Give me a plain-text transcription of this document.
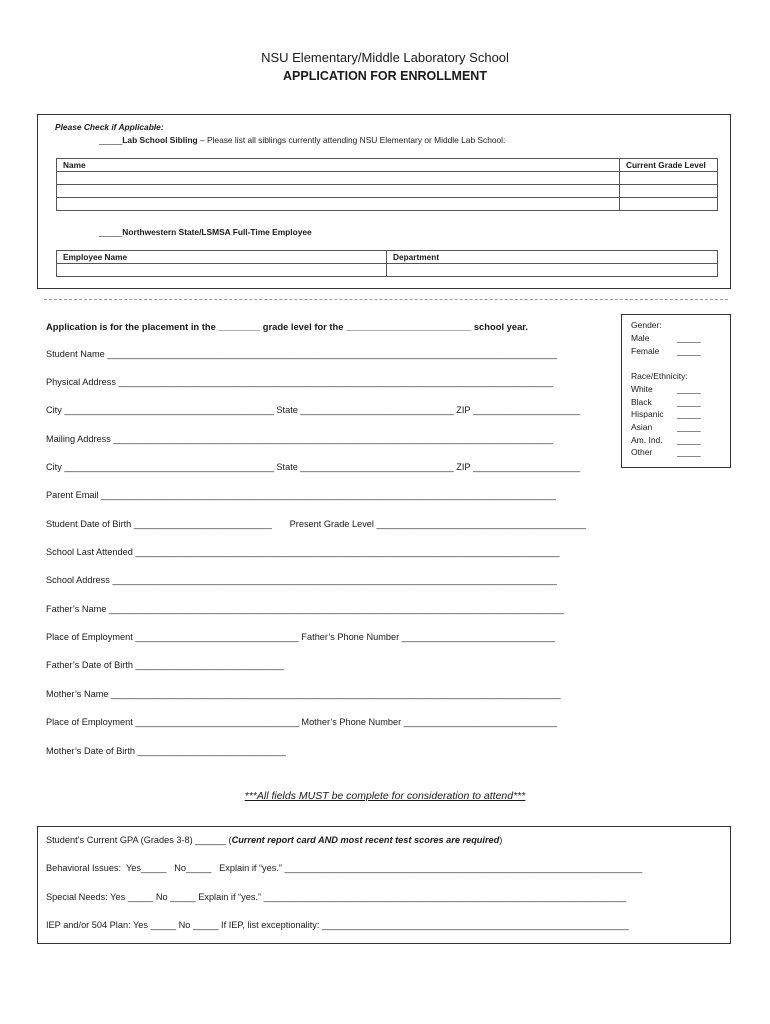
NSU Elementary/Middle Laboratory School
APPLICATION FOR ENROLLMENT
Please Check if Applicable:
_____Lab School Sibling – Please list all siblings currently attending NSU Elementary or Middle Lab School:
Name	Current Grade Level

_____Northwestern State/LSMSA Full-Time Employee
Employee Name	Department

Application is for the placement in the ________ grade level for the ________________________ school year.
Student Name ________________________________________________________________________________________
Physical Address _____________________________________________________________________________________
City _________________________________________ State ______________________________ ZIP _____________________
Mailing Address ______________________________________________________________________________________
City _________________________________________ State ______________________________ ZIP _____________________
Parent Email _________________________________________________________________________________________
Student Date of Birth ___________________________       Present Grade Level _________________________________________
School Last Attended ___________________________________________________________________________________
School Address _______________________________________________________________________________________
Father’s Name _________________________________________________________________________________________
Place of Employment ________________________________ Father’s Phone Number ______________________________
Father’s Date of Birth _____________________________
Mother’s Name ________________________________________________________________________________________
Place of Employment ________________________________ Mother’s Phone Number ______________________________
Mother’s Date of Birth _____________________________
Gender:
Male	_____
Female _____
Race/Ethnicity:
White	_____
Black	_____
Hispanic _____
Asian	_____
Am. Ind. _____
Other	_____
***All fields MUST be complete for consideration to attend***
Student’s Current GPA (Grades 3-8) ______ (Current report card AND most recent test scores are required)
Behavioral Issues:  Yes_____   No_____   Explain if “yes.” ______________________________________________________________________
Special Needs: Yes _____ No _____ Explain if “yes.” _______________________________________________________________________
IEP and/or 504 Plan: Yes _____ No _____ If IEP, list exceptionality: ____________________________________________________________
